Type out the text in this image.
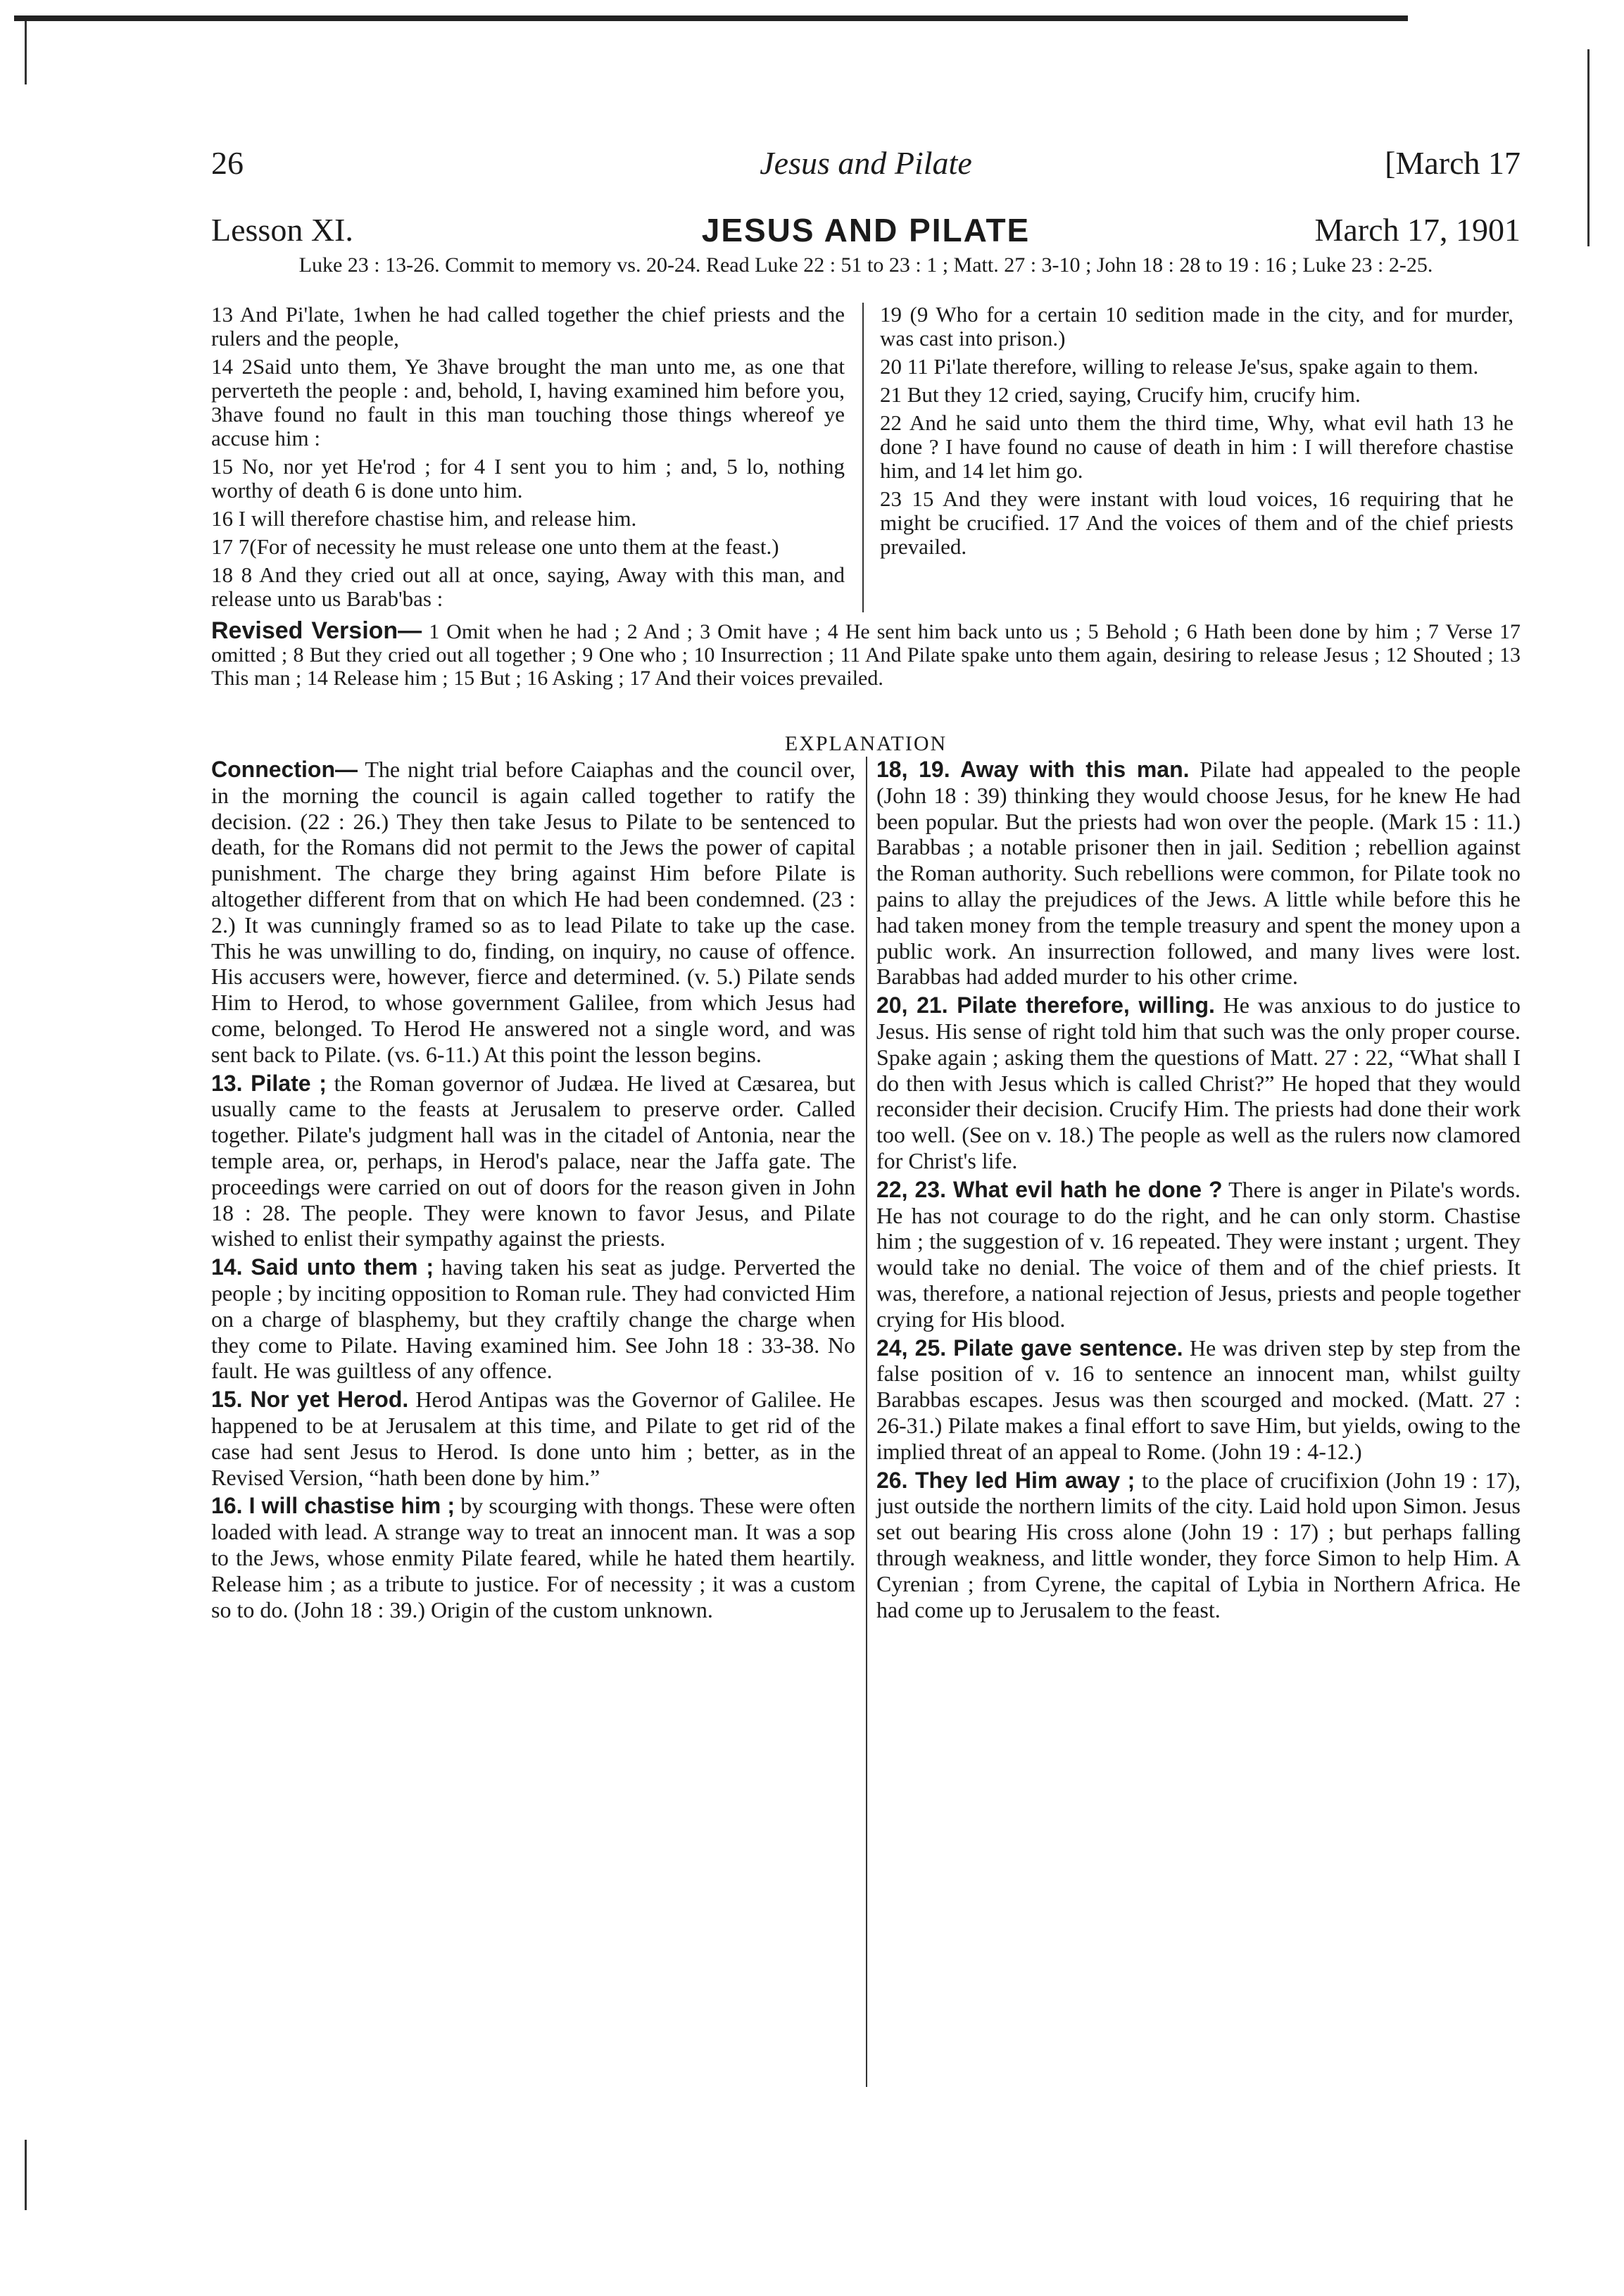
26	Jesus and Pilate	[March 17
Lesson XI.	JESUS AND PILATE	March 17, 1901
Luke 23 : 13-26. Commit to memory vs. 20-24. Read Luke 22 : 51 to 23 : 1 ; Matt. 27 : 3-10 ; John 18 : 28 to 19 : 16 ; Luke 23 : 2-25.

13 And Pi'late, 1when he had called together the chief priests and the rulers and the people,

14 2Said unto them, Ye 3have brought the man unto me, as one that perverteth the people : and, behold, I, having examined him before you, 3have found no fault in this man touching those things whereof ye accuse him :

15 No, nor yet He'rod ; for 4 I sent you to him ; and, 5 lo, nothing worthy of death 6 is done unto him.

16 I will therefore chastise him, and release him.

17 7(For of necessity he must release one unto them at the feast.)

18 8 And they cried out all at once, saying, Away with this man, and release unto us Barab'bas :

19 (9 Who for a certain 10 sedition made in the city, and for murder, was cast into prison.)

20 11 Pi'late therefore, willing to release Je'sus, spake again to them.

21 But they 12 cried, saying, Crucify him, crucify him.

22 And he said unto them the third time, Why, what evil hath 13 he done ? I have found no cause of death in him : I will therefore chastise him, and 14 let him go.

23 15 And they were instant with loud voices, 16 requiring that he might be crucified. 17 And the voices of them and of the chief priests prevailed.

Revised Version— 1 Omit when he had ; 2 And ; 3 Omit have ; 4 He sent him back unto us ; 5 Behold ; 6 Hath been done by him ; 7 Verse 17 omitted ; 8 But they cried out all together ; 9 One who ; 10 Insurrection ; 11 And Pilate spake unto them again, desiring to release Jesus ; 12 Shouted ; 13 This man ; 14 Release him ; 15 But ; 16 Asking ; 17 And their voices prevailed.
EXPLANATION

Connection— The night trial before Caiaphas and the council over, in the morning the council is again called together to ratify the decision. (22 : 26.) They then take Jesus to Pilate to be sentenced to death, for the Romans did not permit to the Jews the power of capital punishment. The charge they bring against Him before Pilate is altogether different from that on which He had been condemned. (23 : 2.) It was cunningly framed so as to lead Pilate to take up the case. This he was unwilling to do, finding, on inquiry, no cause of offence. His accusers were, however, fierce and determined. (v. 5.) Pilate sends Him to Herod, to whose government Galilee, from which Jesus had come, belonged. To Herod He answered not a single word, and was sent back to Pilate. (vs. 6-11.) At this point the lesson begins.

13. Pilate ; the Roman governor of Judæa. He lived at Cæsarea, but usually came to the feasts at Jerusalem to preserve order. Called together. Pilate's judgment hall was in the citadel of Antonia, near the temple area, or, perhaps, in Herod's palace, near the Jaffa gate. The proceedings were carried on out of doors for the reason given in John 18 : 28. The people. They were known to favor Jesus, and Pilate wished to enlist their sympathy against the priests.

14. Said unto them ; having taken his seat as judge. Perverted the people ; by inciting opposition to Roman rule. They had convicted Him on a charge of blasphemy, but they craftily change the charge when they come to Pilate. Having examined him. See John 18 : 33-38. No fault. He was guiltless of any offence.

15. Nor yet Herod. Herod Antipas was the Governor of Galilee. He happened to be at Jerusalem at this time, and Pilate to get rid of the case had sent Jesus to Herod. Is done unto him ; better, as in the Revised Version, “hath been done by him.”

16. I will chastise him ; by scourging with thongs. These were often loaded with lead. A strange way to treat an innocent man. It was a sop to the Jews, whose enmity Pilate feared, while he hated them heartily. Release him ; as a tribute to justice. For of necessity ; it was a custom so to do. (John 18 : 39.) Origin of the custom unknown.

18, 19. Away with this man. Pilate had appealed to the people (John 18 : 39) thinking they would choose Jesus, for he knew He had been popular. But the priests had won over the people. (Mark 15 : 11.) Barabbas ; a notable prisoner then in jail. Sedition ; rebellion against the Roman authority. Such rebellions were common, for Pilate took no pains to allay the prejudices of the Jews. A little while before this he had taken money from the temple treasury and spent the money upon a public work. An insurrection followed, and many lives were lost. Barabbas had added murder to his other crime.

20, 21. Pilate therefore, willing. He was anxious to do justice to Jesus. His sense of right told him that such was the only proper course. Spake again ; asking them the questions of Matt. 27 : 22, “What shall I do then with Jesus which is called Christ?” He hoped that they would reconsider their decision. Crucify Him. The priests had done their work too well. (See on v. 18.) The people as well as the rulers now clamored for Christ's life.

22, 23. What evil hath he done ? There is anger in Pilate's words. He has not courage to do the right, and he can only storm. Chastise him ; the suggestion of v. 16 repeated. They were instant ; urgent. They would take no denial. The voice of them and of the chief priests. It was, therefore, a national rejection of Jesus, priests and people together crying for His blood.

24, 25. Pilate gave sentence. He was driven step by step from the false position of v. 16 to sentence an innocent man, whilst guilty Barabbas escapes. Jesus was then scourged and mocked. (Matt. 27 : 26-31.) Pilate makes a final effort to save Him, but yields, owing to the implied threat of an appeal to Rome. (John 19 : 4-12.)

26. They led Him away ; to the place of crucifixion (John 19 : 17), just outside the northern limits of the city. Laid hold upon Simon. Jesus set out bearing His cross alone (John 19 : 17) ; but perhaps falling through weakness, and little wonder, they force Simon to help Him. A Cyrenian ; from Cyrene, the capital of Lybia in Northern Africa. He had come up to Jerusalem to the feast.
